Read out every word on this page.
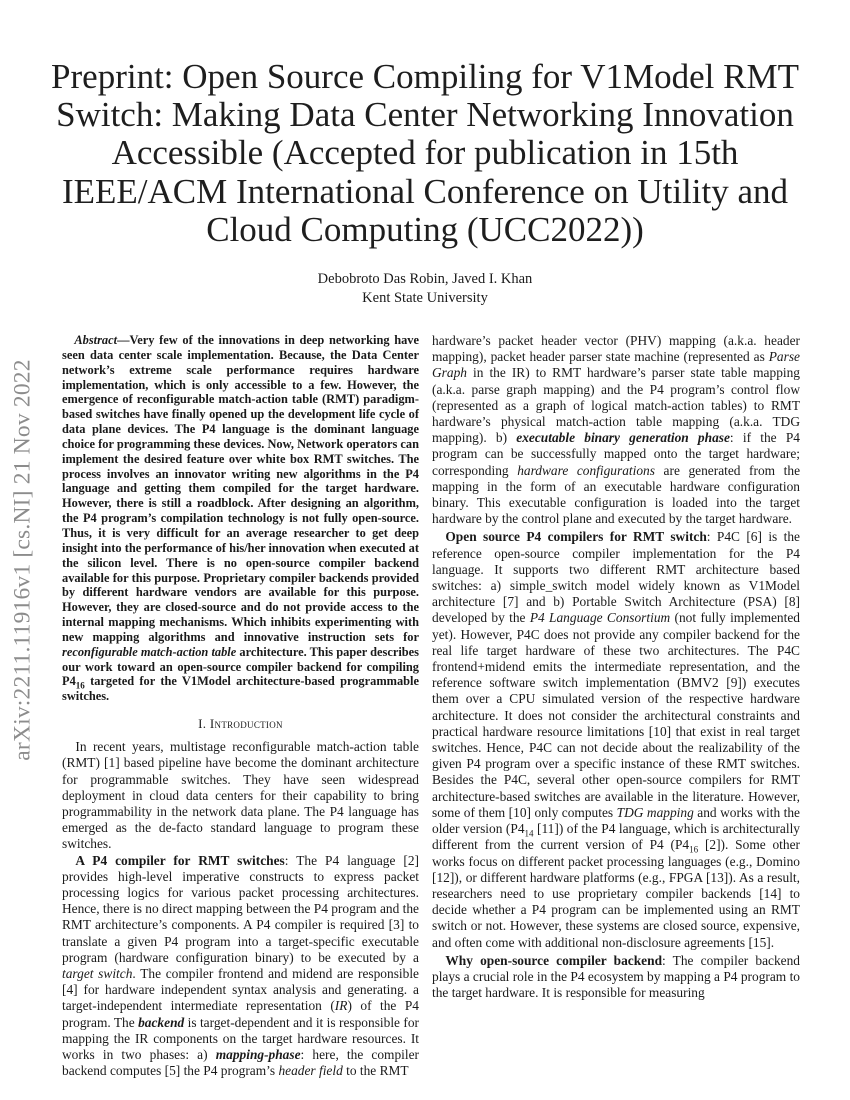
arXiv:2211.11916v1 [cs.NI] 21 Nov 2022
Preprint: Open Source Compiling for V1Model RMT Switch: Making Data Center Networking Innovation Accessible (Accepted for publication in 15th IEEE/ACM International Conference on Utility and Cloud Computing (UCC2022))
Debobroto Das Robin, Javed I. Khan
Kent State University

Abstract—Very few of the innovations in deep networking have seen data center scale implementation. Because, the Data Center network’s extreme scale performance requires hardware implementation, which is only accessible to a few. However, the emergence of reconfigurable match-action table (RMT) paradigm-based switches have finally opened up the development life cycle of data plane devices. The P4 language is the dominant language choice for programming these devices. Now, Network operators can implement the desired feature over white box RMT switches. The process involves an innovator writing new algorithms in the P4 language and getting them compiled for the target hardware. However, there is still a roadblock. After designing an algorithm, the P4 program’s compilation technology is not fully open-source. Thus, it is very difficult for an average researcher to get deep insight into the performance of his/her innovation when executed at the silicon level. There is no open-source compiler backend available for this purpose. Proprietary compiler backends provided by different hardware vendors are available for this purpose. However, they are closed-source and do not provide access to the internal mapping mechanisms. Which inhibits experimenting with new mapping algorithms and innovative instruction sets for reconfigurable match-action table architecture. This paper describes our work toward an open-source compiler backend for compiling $P4_{16}$ targeted for the V1Model architecture-based programmable switches.

I. Introduction

In recent years, multistage reconfigurable match-action table (RMT) [1] based pipeline have become the dominant architecture for programmable switches. They have seen widespread deployment in cloud data centers for their capability to bring programmability in the network data plane. The P4 language has emerged as the de-facto standard language to program these switches.

A P4 compiler for RMT switches: The P4 language [2] provides high-level imperative constructs to express packet processing logics for various packet processing architectures. Hence, there is no direct mapping between the P4 program and the RMT architecture’s components. A P4 compiler is required [3] to translate a given P4 program into a target-specific executable program (hardware configuration binary) to be executed by a target switch. The compiler frontend and midend are responsible [4] for hardware independent syntax analysis and generating. a target-independent intermediate representation (IR) of the P4 program. The backend is target-dependent and it is responsible for mapping the IR components on the target hardware resources. It works in two phases: a) mapping-phase: here, the compiler backend computes [5] the P4 program’s header field to the RMT

hardware’s packet header vector (PHV) mapping (a.k.a. header mapping), packet header parser state machine (represented as Parse Graph in the IR) to RMT hardware’s parser state table mapping (a.k.a. parse graph mapping) and the P4 program’s control flow (represented as a graph of logical match-action tables) to RMT hardware’s physical match-action table mapping (a.k.a. TDG mapping). b) executable binary generation phase: if the P4 program can be successfully mapped onto the target hardware; corresponding hardware configurations are generated from the mapping in the form of an executable hardware configuration binary. This executable configuration is loaded into the target hardware by the control plane and executed by the target hardware.

Open source P4 compilers for RMT switch: P4C [6] is the reference open-source compiler implementation for the P4 language. It supports two different RMT architecture based switches: a) simple_switch model widely known as V1Model architecture [7] and b) Portable Switch Architecture (PSA) [8] developed by the P4 Language Consortium (not fully implemented yet). However, P4C does not provide any compiler backend for the real life target hardware of these two architectures. The P4C frontend+midend emits the intermediate representation, and the reference software switch implementation (BMV2 [9]) executes them over a CPU simulated version of the respective hardware architecture. It does not consider the architectural constraints and practical hardware resource limitations [10] that exist in real target switches. Hence, P4C can not decide about the realizability of the given P4 program over a specific instance of these RMT switches. Besides the P4C, several other open-source compilers for RMT architecture-based switches are available in the literature. However, some of them [10] only computes TDG mapping and works with the older version ($P4_{14}$ [11]) of the P4 language, which is architecturally different from the current version of P4 ($P4_{16}$ [2]). Some other works focus on different packet processing languages (e.g., Domino [12]), or different hardware platforms (e.g., FPGA [13]). As a result, researchers need to use proprietary compiler backends [14] to decide whether a P4 program can be implemented using an RMT switch or not. However, these systems are closed source, expensive, and often come with additional non-disclosure agreements [15].

Why open-source compiler backend: The compiler backend plays a crucial role in the P4 ecosystem by mapping a P4 program to the target hardware. It is responsible for measuring
